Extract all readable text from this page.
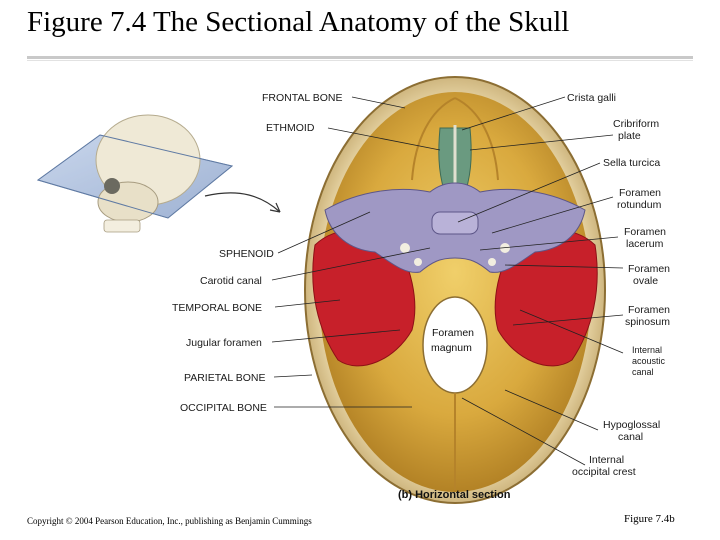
Figure 7.4 The Sectional Anatomy of the Skull
FRONTAL BONE
ETHMOID
SPHENOID
Carotid canal
TEMPORAL BONE
Jugular foramen
PARIETAL BONE
OCCIPITAL BONE
Crista galli
Cribriform
plate
Sella turcica
Foramen
rotundum
Foramen
lacerum
Foramen
ovale
Foramen
spinosum
Internal
acoustic
canal
Hypoglossal
canal
Internal
occipital crest
Foramen
magnum
(b) Horizontal section
Copyright © 2004 Pearson Education, Inc., publishing as Benjamin Cummings	Figure 7.4b
